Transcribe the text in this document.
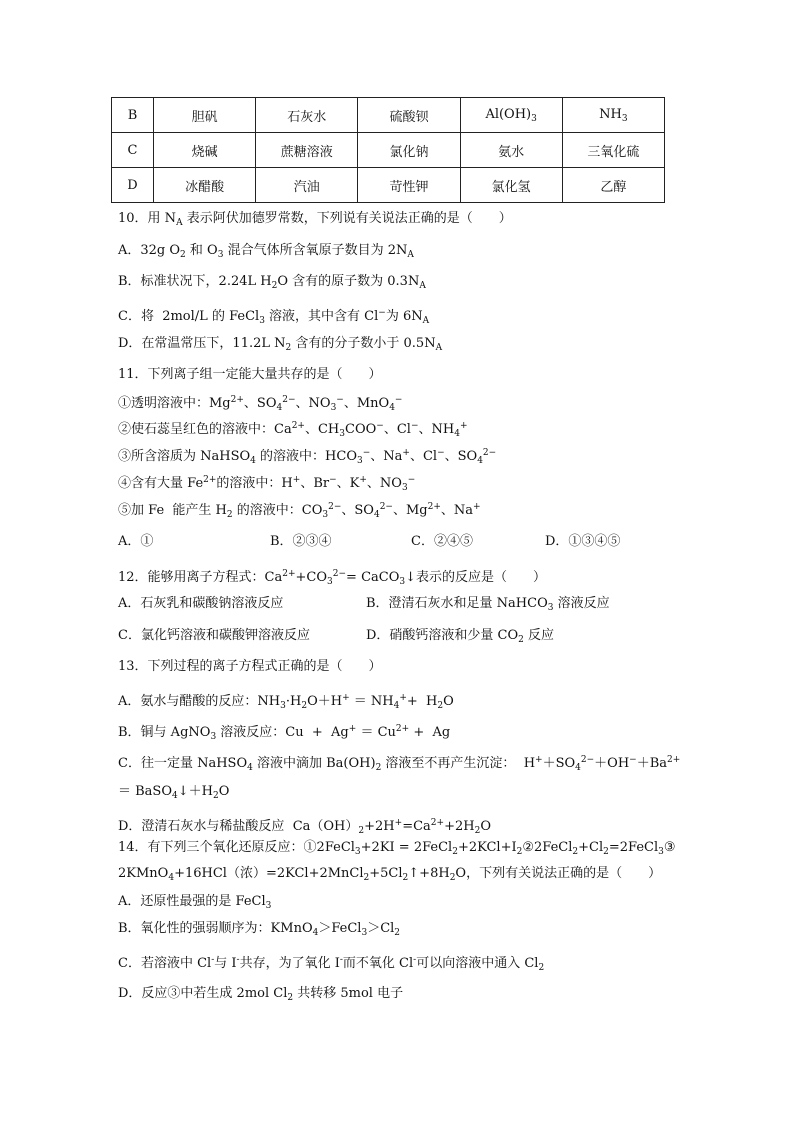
B	胆矾	石灰水	硫酸钡	$Al(OH)_3$	$NH_3$
C	烧碱	蔗糖溶液	氯化钠	氨水	三氧化硫
D	冰醋酸	汽油	苛性钾	氯化氢	乙醇
10．用 $N_A$ 表示阿伏加德罗常数，下列说有关说法正确的是（　　）
A．32g $O_2$ 和 $O_3$ 混合气体所含氧原子数目为 $2N_A$
B．标准状况下，2.24L $H_2O$ 含有的原子数为 $0.3N_A$
C．将  2mol/L 的 FeCl$_3$ 溶液，其中含有 Cl−为 $6N_A$
D．在常温常压下，11.2L $N_2$ 含有的分子数小于 $0.5N_A$
11．下列离子组一定能大量共存的是（　　）
①透明溶液中：$Mg^{2+}$、$SO_4^{2-}$、$NO_3^-$、MnO$_4$−
②使石蕊呈红色的溶液中：$Ca^{2+}$、$CH_3COO^-$、Cl−、$NH_4^+$
③所含溶质为 NaHSO$_4$ 的溶液中：$HCO_3^-$、Na+、Cl−、$SO_4^{2-}$
④含有大量 $Fe^{2+}$的溶液中：H+、Br−、K+、$NO_3^-$
⑤加 Fe  能产生 $H_2$ 的溶液中：$CO_3^{2-}$、$SO_4^{2-}$、$Mg^{2+}$、Na+
A．①	B．②③④	C．②④⑤	D．①③④⑤
12．能够用离子方程式：$Ca^{2+}+CO_3^{2-}=$ CaCO$_3$↓表示的反应是（　　）
A．石灰乳和碳酸钠溶液反应	B．澄清石灰水和足量 NaHCO$_3$ 溶液反应
C．氯化钙溶液和碳酸钾溶液反应	D．硝酸钙溶液和少量 $CO_2$ 反应
13．下列过程的离子方程式正确的是（　　）
A．氨水与醋酸的反应：$NH_3\cdot H_2O+H^+ = NH_4^++ H_2O$
B．铜与 AgNO$_3$ 溶液反应：$Cu + Ag^+ = Cu^{2+} + Ag$
C．往一定量 NaHSO$_4$ 溶液中滴加 $Ba(OH)_2$ 溶液至不再产生沉淀：  $H^++SO_4^{2-}+OH^-+Ba^{2+}$
＝ $BaSO_4↓+H_2O$
D．澄清石灰水与稀盐酸反应  $Ca(OH)_2+2H^+=Ca^{2+}+2H_2O$
14．有下列三个氧化还原反应：①2FeCl$_3$+2KI = $2FeCl_2+2KCl+I_2②2FeCl_2+Cl_2=2FeCl_3③$
2KMnO$_4$+16HCl（浓）$=2KCl+2MnCl_2+5Cl_2↑+8H_2O$，下列有关说法正确的是（　　）
A．还原性最强的是 FeCl$_3$
B．氧化性的强弱顺序为：$KMnO_4>FeCl_3>Cl_2$
C．若溶液中 Cl-与 I-共存，为了氧化 I-而不氧化 Cl-可以向溶液中通入 $Cl_2$
D．反应③中若生成 2mol $Cl_2$ 共转移 5mol 电子
